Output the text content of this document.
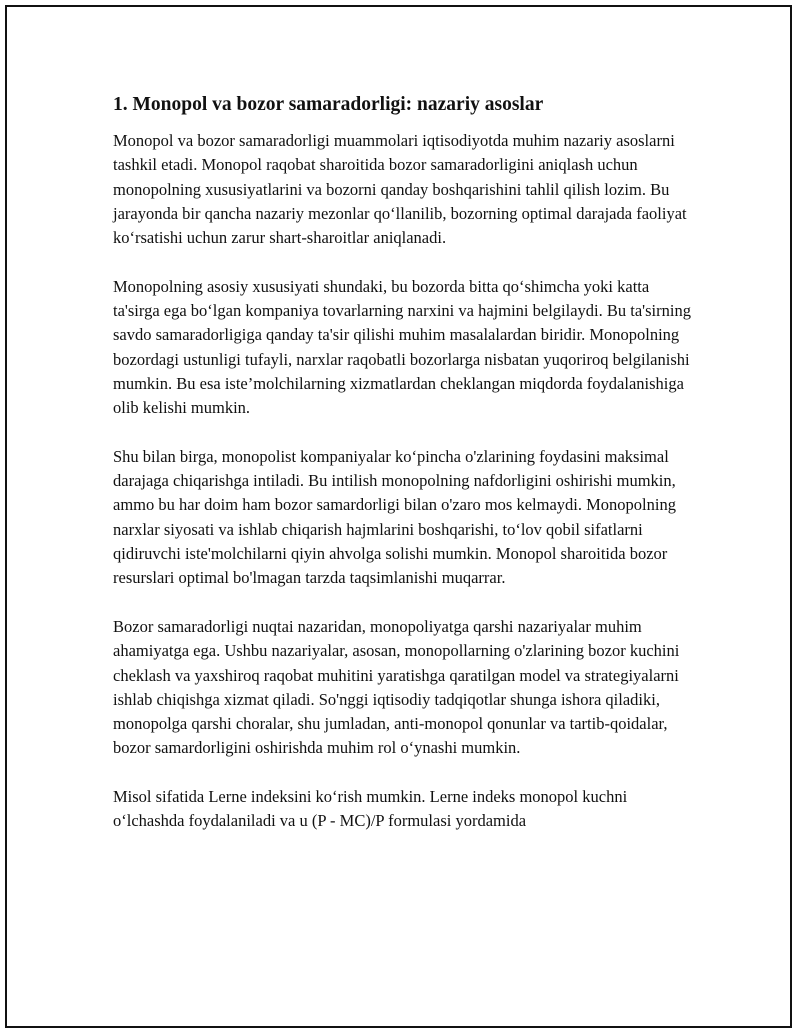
1. Monopol va bozor samaradorligi: nazariy asoslar

Monopol va bozor samaradorligi muammolari iqtisodiyotda muhim nazariy asoslarni tashkil etadi. Monopol raqobat sharoitida bozor samaradorligini aniqlash uchun monopolning xususiyatlarini va bozorni qanday boshqarishini tahlil qilish lozim. Bu jarayonda bir qancha nazariy mezonlar qo‘llanilib, bozorning optimal darajada faoliyat ko‘rsatishi uchun zarur shart-sharoitlar aniqlanadi.

Monopolning asosiy xususiyati shundaki, bu bozorda bitta qo‘shimcha yoki katta ta'sirga ega bo‘lgan kompaniya tovarlarning narxini va hajmini belgilaydi. Bu ta'sirning savdo samaradorligiga qanday ta'sir qilishi muhim masalalardan biridir. Monopolning bozordagi ustunligi tufayli, narxlar raqobatli bozorlarga nisbatan yuqoriroq belgilanishi mumkin. Bu esa iste’molchilarning xizmatlardan cheklangan miqdorda foydalanishiga olib kelishi mumkin.

Shu bilan birga, monopolist kompaniyalar ko‘pincha o'zlarining foydasini maksimal darajaga chiqarishga intiladi. Bu intilish monopolning nafdorligini oshirishi mumkin, ammo bu har doim ham bozor samardorligi bilan o'zaro mos kelmaydi. Monopolning narxlar siyosati va ishlab chiqarish hajmlarini boshqarishi, to‘lov qobil sifatlarni qidiruvchi iste'molchilarni qiyin ahvolga solishi mumkin. Monopol sharoitida bozor resurslari optimal bo'lmagan tarzda taqsimlanishi muqarrar.

Bozor samaradorligi nuqtai nazaridan, monopoliyatga qarshi nazariyalar muhim ahamiyatga ega. Ushbu nazariyalar, asosan, monopollarning o'zlarining bozor kuchini cheklash va yaxshiroq raqobat muhitini yaratishga qaratilgan model va strategiyalarni ishlab chiqishga xizmat qiladi. So'nggi iqtisodiy tadqiqotlar shunga ishora qiladiki, monopolga qarshi choralar, shu jumladan, anti-monopol qonunlar va tartib-qoidalar, bozor samardorligini oshirishda muhim rol o‘ynashi mumkin.

Misol sifatida Lerne indeksini ko‘rish mumkin. Lerne indeks monopol kuchni o‘lchashda foydalaniladi va u (P - MC)/P formulasi yordamida
